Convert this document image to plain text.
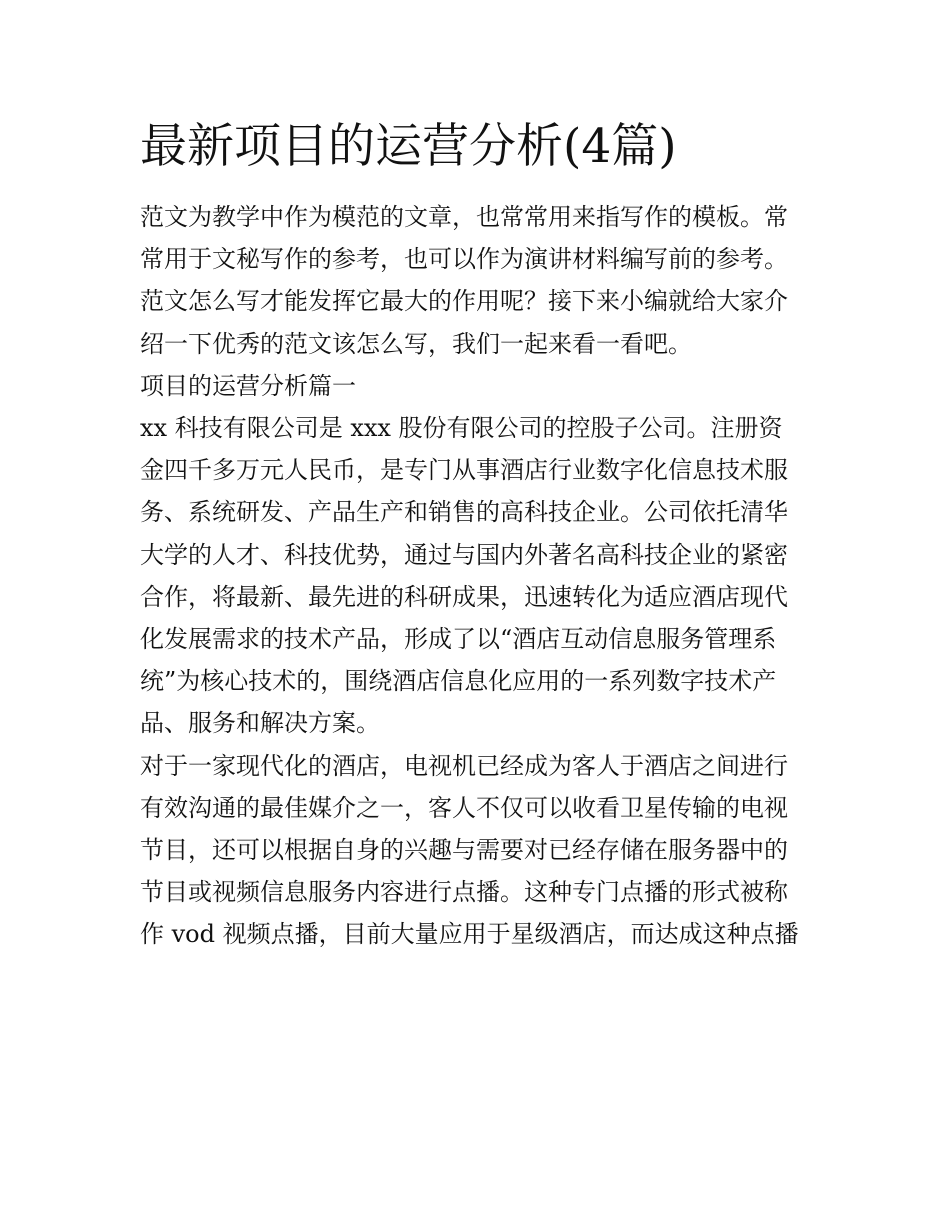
最新项目的运营分析(4篇)
范文为教学中作为模范的文章，也常常用来指写作的模板。常
常用于文秘写作的参考，也可以作为演讲材料编写前的参考。
范文怎么写才能发挥它最大的作用呢？接下来小编就给大家介
绍一下优秀的范文该怎么写，我们一起来看一看吧。
项目的运营分析篇一
xx 科技有限公司是 xxx 股份有限公司的控股子公司。注册资
金四千多万元人民币，是专门从事酒店行业数字化信息技术服
务、系统研发、产品生产和销售的高科技企业。公司依托清华
大学的人才、科技优势，通过与国内外著名高科技企业的紧密
合作，将最新、最先进的科研成果，迅速转化为适应酒店现代
化发展需求的技术产品，形成了以“酒店互动信息服务管理系
统”为核心技术的，围绕酒店信息化应用的一系列数字技术产
品、服务和解决方案。
对于一家现代化的酒店，电视机已经成为客人于酒店之间进行
有效沟通的最佳媒介之一，客人不仅可以收看卫星传输的电视
节目，还可以根据自身的兴趣与需要对已经存储在服务器中的
节目或视频信息服务内容进行点播。这种专门点播的形式被称
作 vod 视频点播，目前大量应用于星级酒店，而达成这种点播
